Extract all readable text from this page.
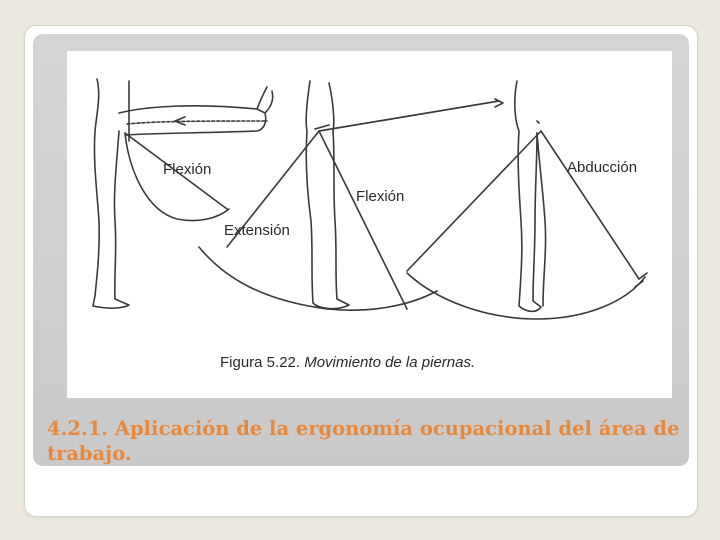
Flexión
Extensión
Flexión
Abducción
Figura 5.22. Movimiento de la piernas.
4.2.1. Aplicación de la ergonomía ocupacional del área de trabajo.
